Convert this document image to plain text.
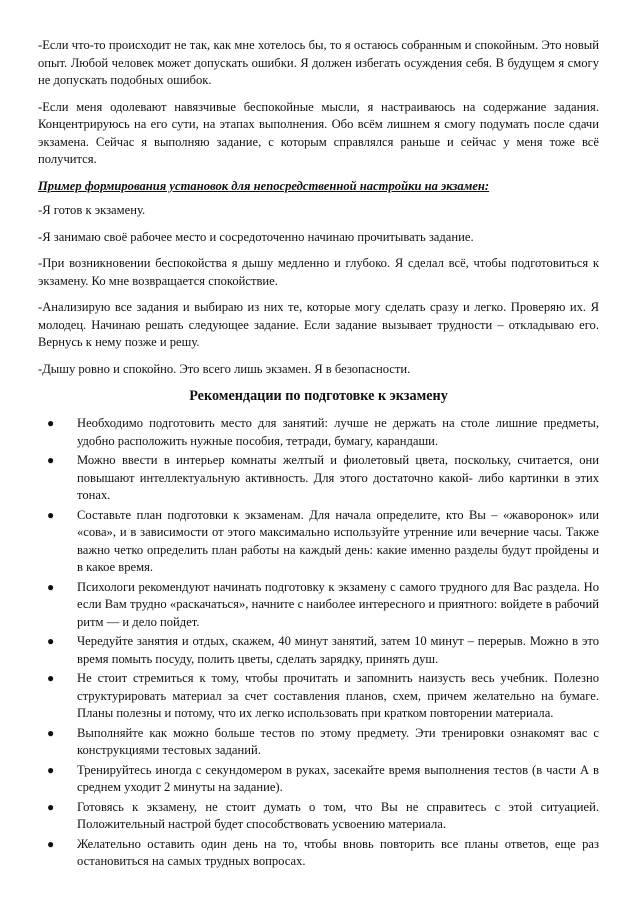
-Если что-то происходит не так, как мне хотелось бы, то я остаюсь собранным и спокойным. Это новый опыт. Любой человек может допускать ошибки. Я должен избегать осуждения себя. В будущем я смогу не допускать подобных ошибок.

-Если меня одолевают навязчивые беспокойные мысли, я настраиваюсь на содержание задания. Концентрируюсь на его сути, на этапах выполнения. Обо всём лишнем я смогу подумать после сдачи экзамена. Сейчас я выполняю задание, с которым справлялся раньше и сейчас у меня тоже всё получится.

Пример формирования установок для непосредственной настройки на экзамен:

-Я готов к экзамену.

-Я занимаю своё рабочее место и сосредоточенно начинаю прочитывать задание.

-При возникновении беспокойства я дышу медленно и глубоко. Я сделал всё, чтобы подготовиться к экзамену. Ко мне возвращается спокойствие.

-Анализирую все задания и выбираю из них те, которые могу сделать сразу и легко. Проверяю их. Я молодец. Начинаю решать следующее задание. Если задание вызывает трудности – откладываю его. Вернусь к нему позже и решу.

-Дышу ровно и спокойно. Это всего лишь экзамен. Я в безопасности.

Рекомендации по подготовке к экзамену
● Необходимо подготовить место для занятий: лучше не держать на столе лишние предметы, удобно расположить нужные пособия, тетради, бумагу, карандаши.
● Можно ввести в интерьер комнаты желтый и фиолетовый цвета, поскольку, считается, они повышают интеллектуальную активность. Для этого достаточно какой- либо картинки в этих тонах.
● Составьте план подготовки к экзаменам. Для начала определите, кто Вы – «жаворонок» или «сова», и в зависимости от этого максимально используйте утренние или вечерние часы. Также важно четко определить план работы на каждый день: какие именно разделы будут пройдены и в какое время.
● Психологи рекомендуют начинать подготовку к экзамену с самого трудного для Вас раздела. Но если Вам трудно «раскачаться», начните с наиболее интересного и приятного: войдете в рабочий ритм — и дело пойдет.
● Чередуйте занятия и отдых, скажем, 40 минут занятий, затем 10 минут – перерыв. Можно в это время помыть посуду, полить цветы, сделать зарядку, принять душ.
● Не стоит стремиться к тому, чтобы прочитать и запомнить наизусть весь учебник. Полезно структурировать материал за счет составления планов, схем, причем желательно на бумаге. Планы полезны и потому, что их легко использовать при кратком повторении материала.
● Выполняйте как можно больше тестов по этому предмету. Эти тренировки ознакомят вас с конструкциями тестовых заданий.
● Тренируйтесь иногда с секундомером в руках, засекайте время выполнения тестов (в части А в среднем уходит 2 минуты на задание).
● Готовясь к экзамену, не стоит думать о том, что Вы не справитесь с этой ситуацией. Положительный настрой будет способствовать усвоению материала.
● Желательно оставить один день на то, чтобы вновь повторить все планы ответов, еще раз остановиться на самых трудных вопросах.
